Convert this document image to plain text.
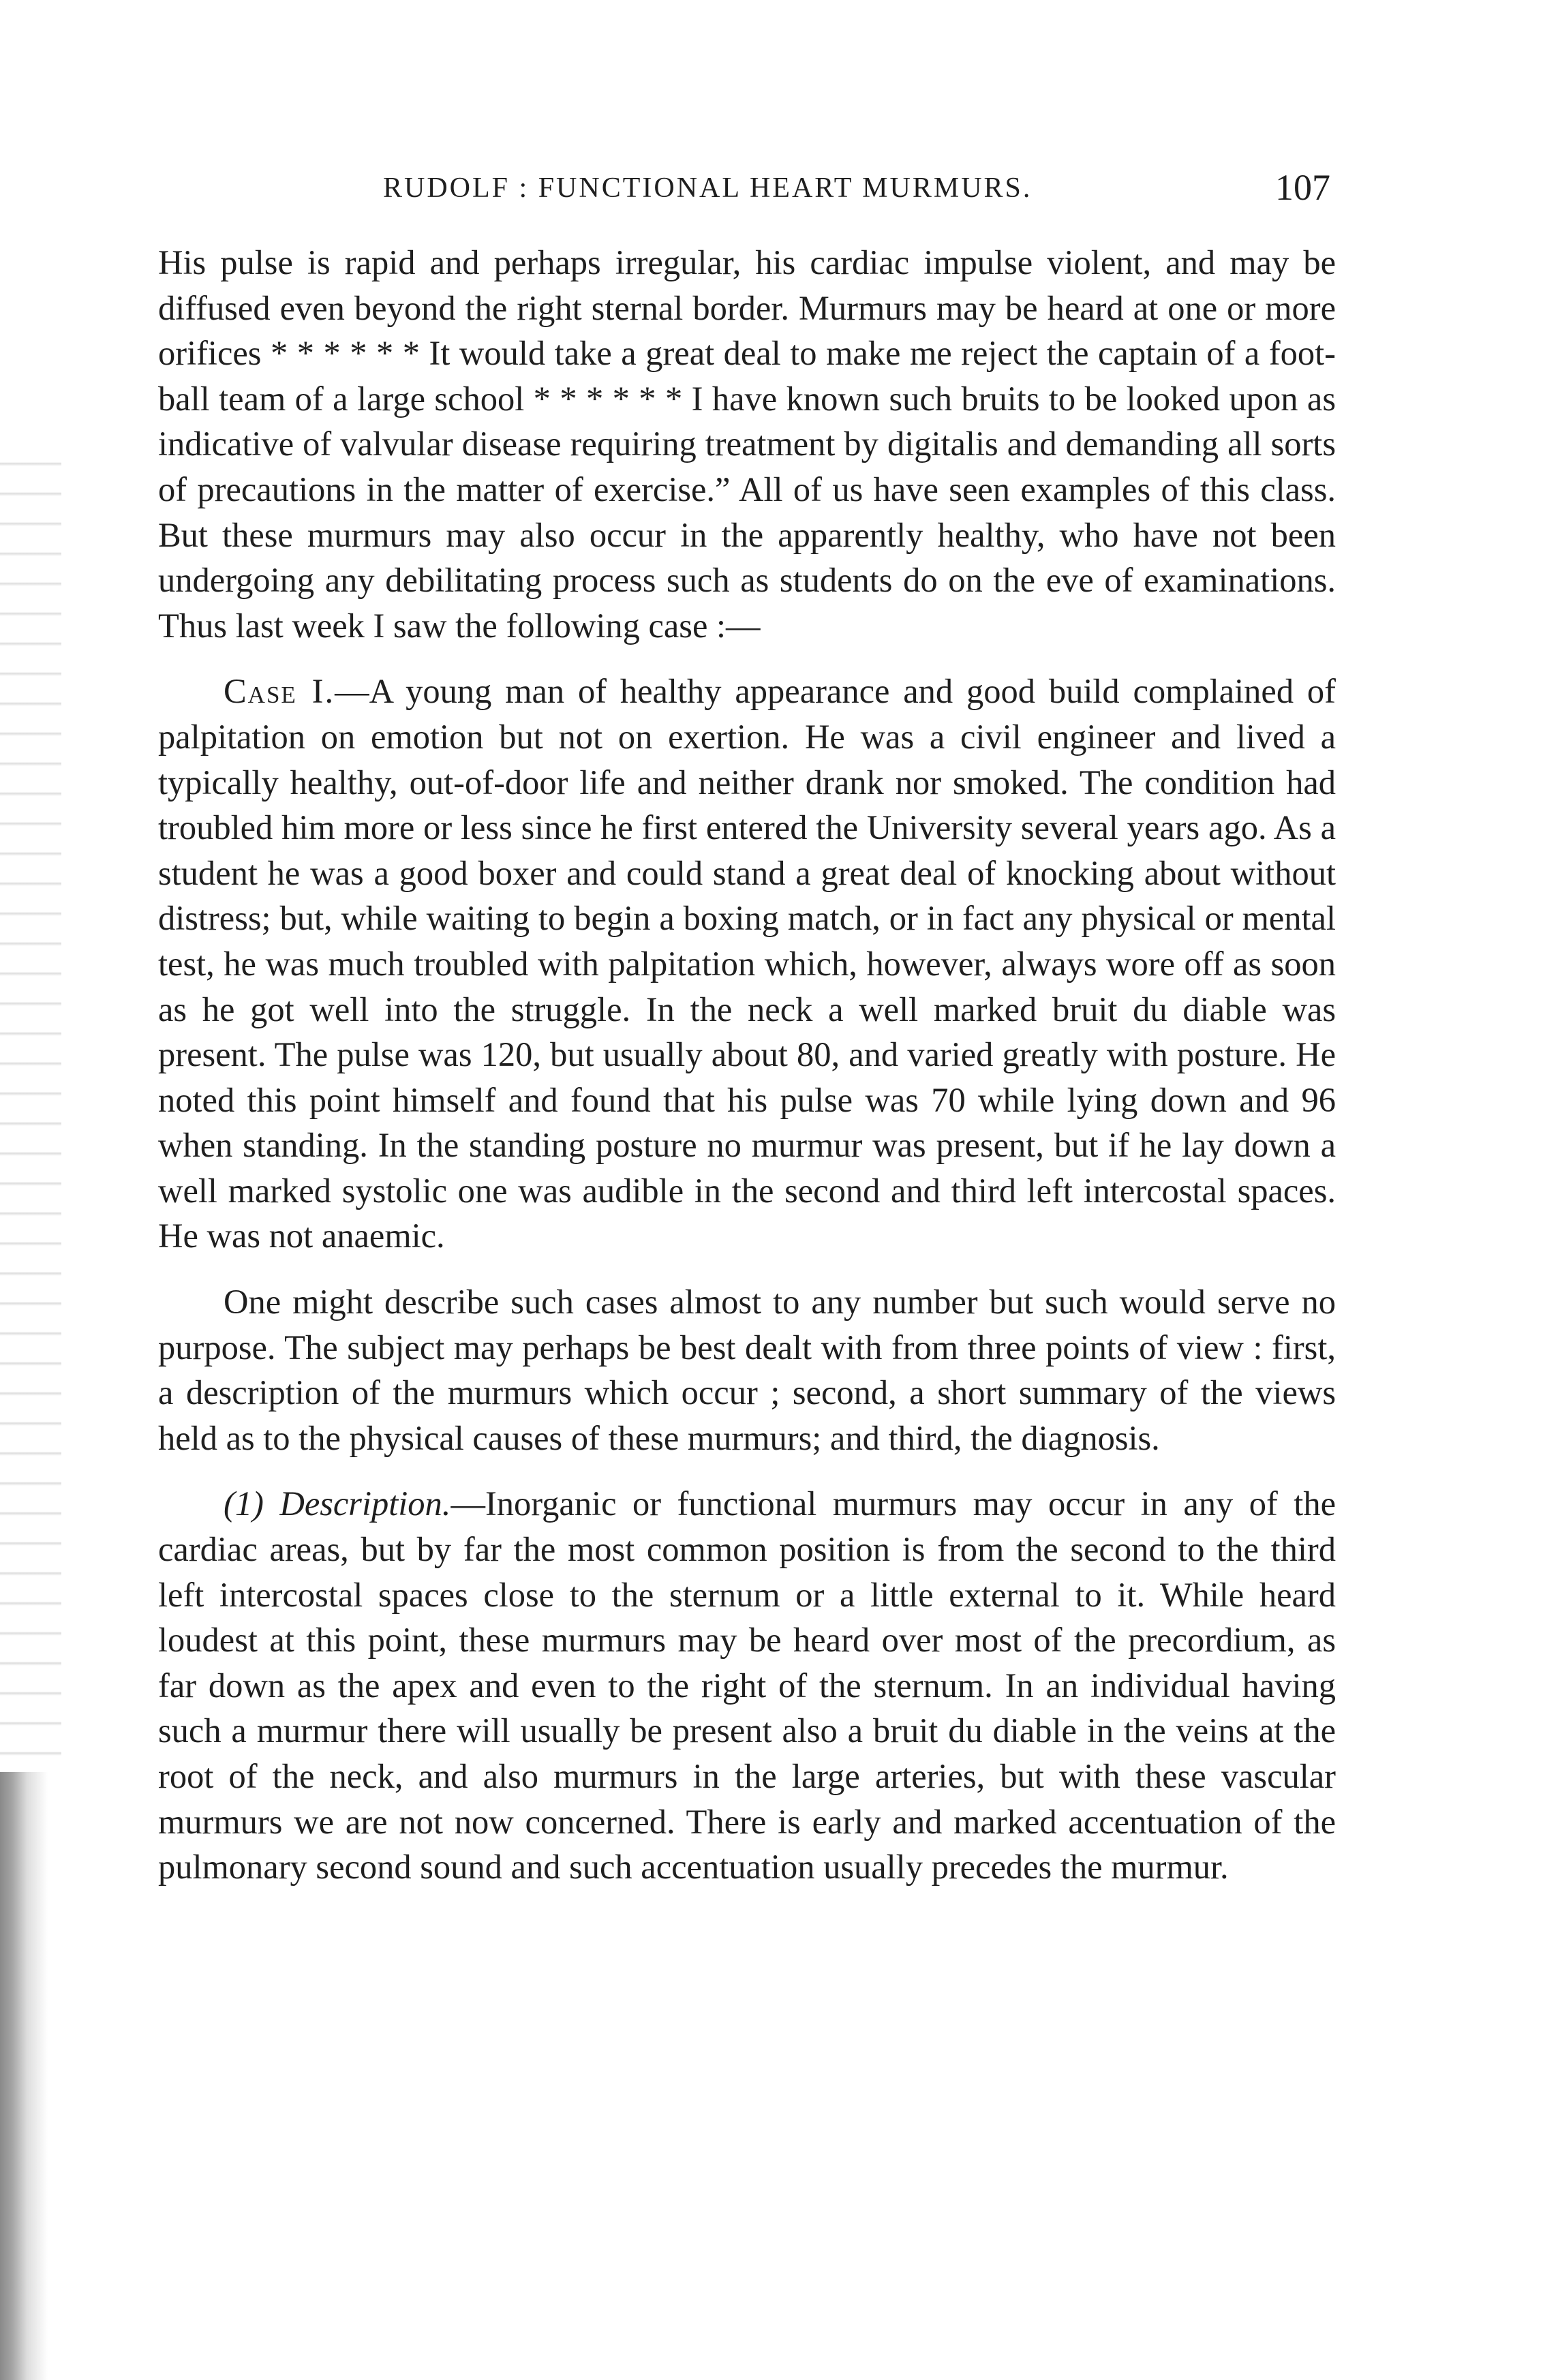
RUDOLF : FUNCTIONAL HEART MURMURS.	107

His pulse is rapid and perhaps irregular, his cardiac impulse violent, and may be diffused even beyond the right sternal border. Murmurs may be heard at one or more orifices * * * * * * It would take a great deal to make me reject the captain of a foot-ball team of a large school * * * * * * I have known such bruits to be looked upon as indicative of valvular disease requiring treatment by digitalis and demanding all sorts of precautions in the matter of exercise.” All of us have seen examples of this class. But these murmurs may also occur in the apparently healthy, who have not been undergoing any debilitating process such as students do on the eve of examinations. Thus last week I saw the following case :—

Case I.—A young man of healthy appearance and good build complained of palpitation on emotion but not on exertion. He was a civil engineer and lived a typically healthy, out-of-door life and neither drank nor smoked. The condition had troubled him more or less since he first entered the University several years ago. As a student he was a good boxer and could stand a great deal of knocking about without distress; but, while waiting to begin a boxing match, or in fact any physical or mental test, he was much troubled with palpitation which, however, always wore off as soon as he got well into the struggle. In the neck a well marked bruit du diable was present. The pulse was 120, but usually about 80, and varied greatly with posture. He noted this point himself and found that his pulse was 70 while lying down and 96 when standing. In the standing posture no murmur was present, but if he lay down a well marked systolic one was audible in the second and third left intercostal spaces. He was not anaemic.

One might describe such cases almost to any number but such would serve no purpose. The subject may perhaps be best dealt with from three points of view : first, a description of the murmurs which occur ; second, a short summary of the views held as to the physical causes of these murmurs; and third, the diagnosis.

(1) Description.—Inorganic or functional murmurs may occur in any of the cardiac areas, but by far the most common position is from the second to the third left intercostal spaces close to the sternum or a little external to it. While heard loudest at this point, these murmurs may be heard over most of the precordium, as far down as the apex and even to the right of the sternum. In an individual having such a murmur there will usually be present also a bruit du diable in the veins at the root of the neck, and also murmurs in the large arteries, but with these vascular murmurs we are not now concerned. There is early and marked accentuation of the pulmonary second sound and such accentuation usually precedes the murmur.
